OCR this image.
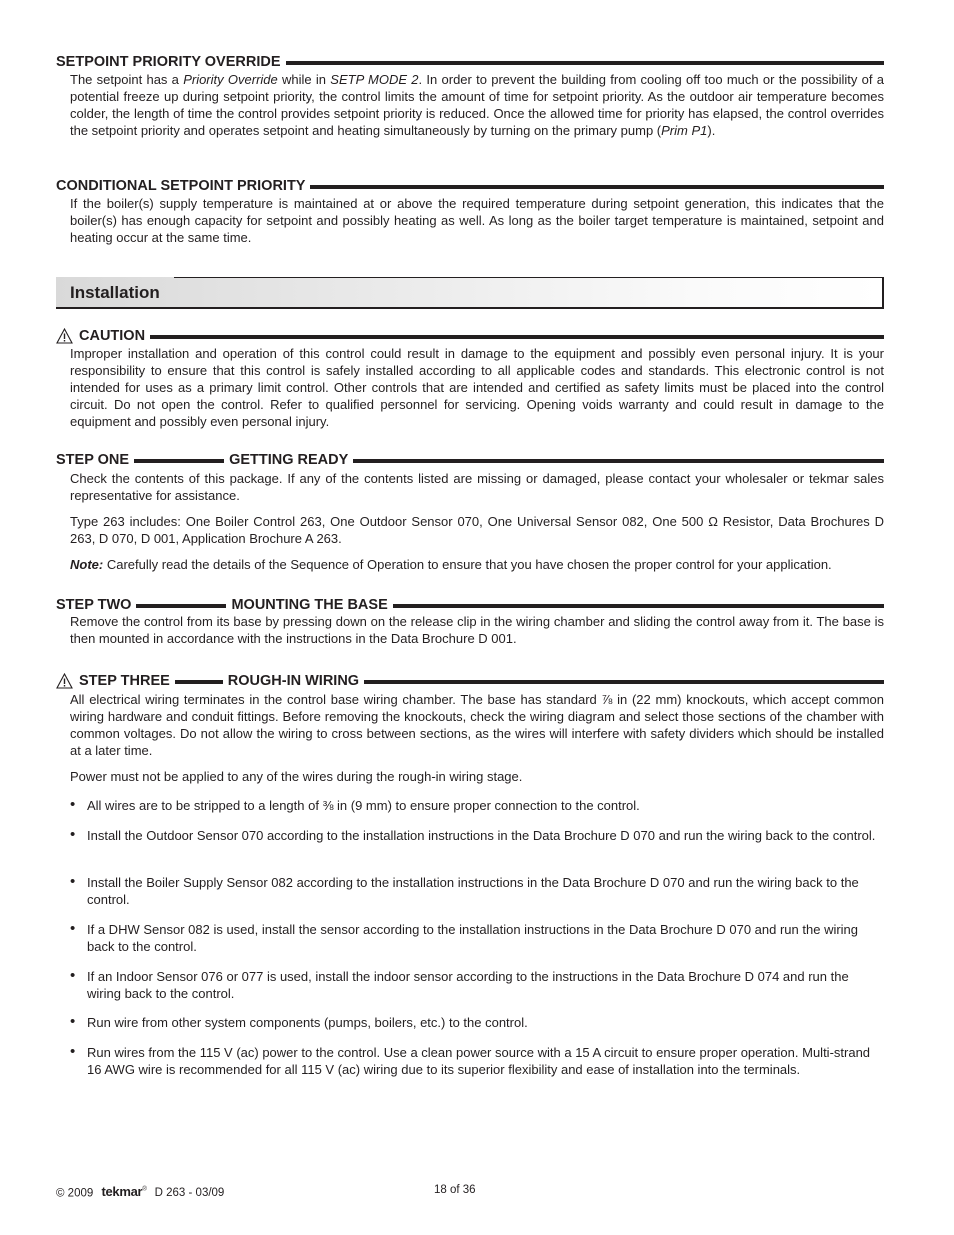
SETPOINT PRIORITY OVERRIDE
The setpoint has a Priority Override while in SETP MODE 2. In order to prevent the building from cooling off too much or the possibility of a potential freeze up during setpoint priority, the control limits the amount of time for setpoint priority. As the outdoor air temperature becomes colder, the length of time the control provides setpoint priority is reduced. Once the allowed time for priority has elapsed, the control overrides the setpoint priority and operates setpoint and heating simultaneously by turning on the primary pump (Prim P1).
CONDITIONAL SETPOINT PRIORITY
If the boiler(s) supply temperature is maintained at or above the required temperature during setpoint generation, this indicates that the boiler(s) has enough capacity for setpoint and possibly heating as well. As long as the boiler target temperature is maintained, setpoint and heating occur at the same time.
Installation
CAUTION
Improper installation and operation of this control could result in damage to the equipment and possibly even personal injury. It is your responsibility to ensure that this control is safely installed according to all applicable codes and standards. This electronic control is not intended for uses as a primary limit control. Other controls that are intended and certified as safety limits must be placed into the control circuit. Do not open the control. Refer to qualified personnel for servicing. Opening voids warranty and could result in damage to the equipment and possibly even personal injury.
STEP ONE	GETTING READY
Check the contents of this package. If any of the contents listed are missing or damaged, please contact your wholesaler or tekmar sales representative for assistance.
Type 263 includes: One Boiler Control 263, One Outdoor Sensor 070, One Universal Sensor 082, One 500 Ω Resistor, Data Brochures D 263, D 070, D 001, Application Brochure A 263.
Note: Carefully read the details of the Sequence of Operation to ensure that you have chosen the proper control for your application.
STEP TWO	MOUNTING THE BASE
Remove the control from its base by pressing down on the release clip in the wiring chamber and sliding the control away from it. The base is then mounted in accordance with the instructions in the Data Brochure D 001.
STEP THREE	ROUGH-IN WIRING
All electrical wiring terminates in the control base wiring chamber. The base has standard ⅞ in (22 mm) knockouts, which accept common wiring hardware and conduit fittings. Before removing the knockouts, check the wiring diagram and select those sections of the chamber with common voltages. Do not allow the wiring to cross between sections, as the wires will interfere with safety dividers which should be installed at a later time.
Power must not be applied to any of the wires during the rough-in wiring stage.
• All wires are to be stripped to a length of ⅜ in (9 mm) to ensure proper connection to the control.
• Install the Outdoor Sensor 070 according to the installation instructions in the Data Brochure D 070 and run the wiring back to the control.
• Install the Boiler Supply Sensor 082 according to the installation instructions in the Data Brochure D 070 and run the wiring back to the control.
• If a DHW Sensor 082 is used, install the sensor according to the installation instructions in the Data Brochure D 070 and run the wiring back to the control.
• If an Indoor Sensor 076 or 077 is used, install the indoor sensor according to the instructions in the Data Brochure D 074 and run the wiring back to the control.
• Run wire from other system components (pumps, boilers, etc.) to the control.
• Run wires from the 115 V (ac) power to the control. Use a clean power source with a 15 A circuit to ensure proper operation. Multi-strand 16 AWG wire is recommended for all 115 V (ac) wiring due to its superior flexibility and ease of installation into the terminals.
© 2009 tekmar® D 263 - 03/09	18 of 36
